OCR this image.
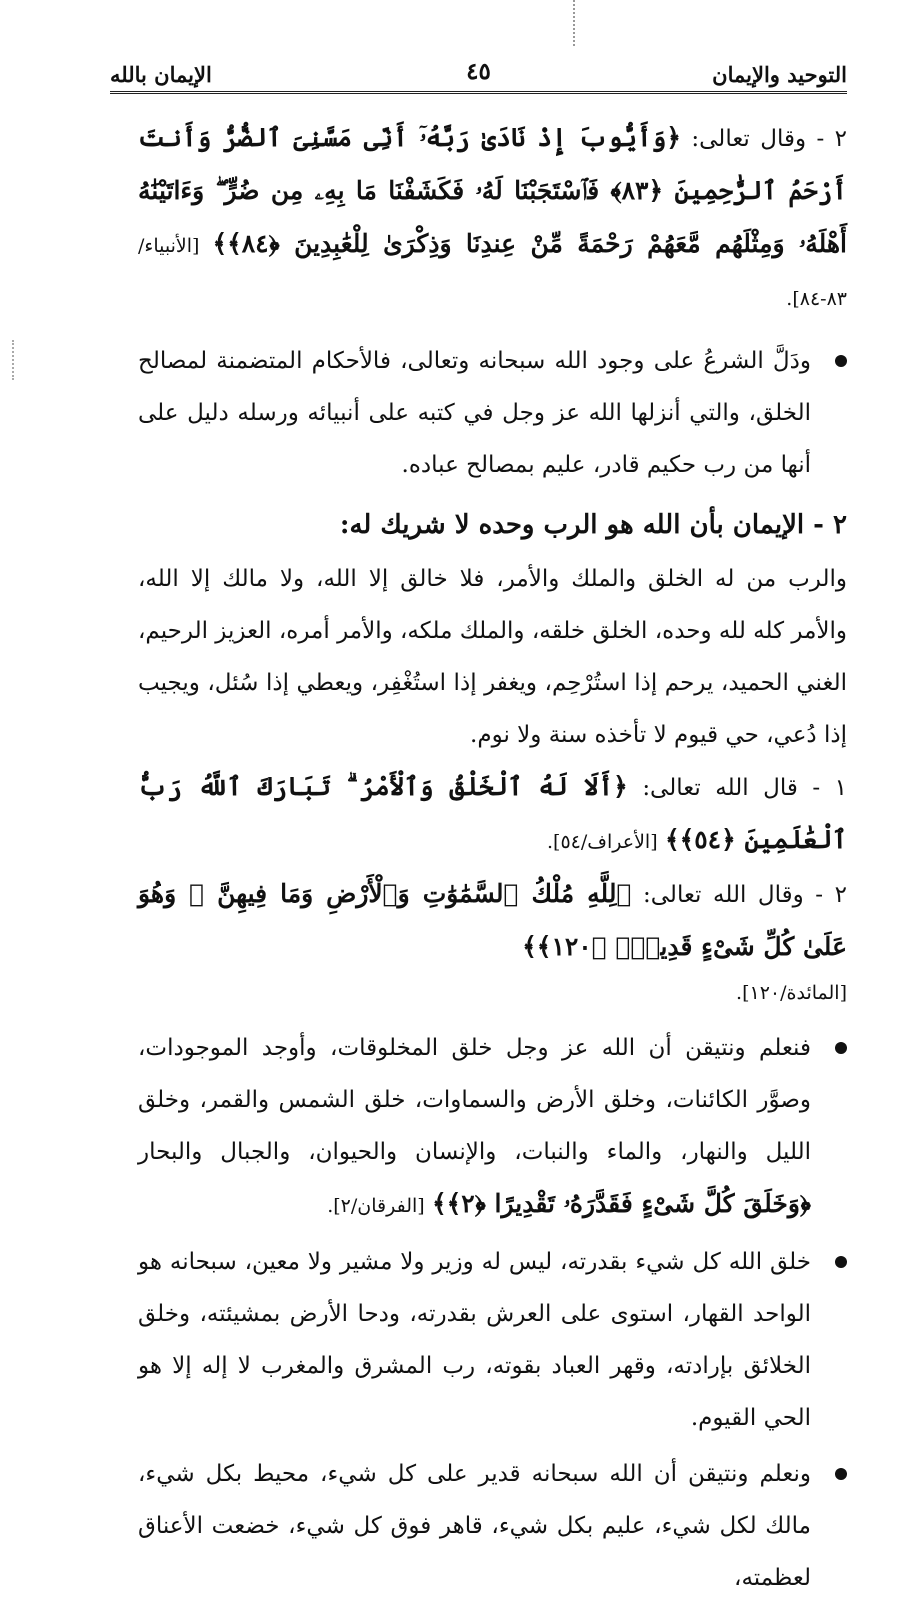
التوحيد والإيمان
٤٥
الإيمان بالله

٢ - وقال تعالى: ﴿وَأَيُّوبَ إِذْ نَادَىٰ رَبَّهُۥٓ أَنِّى مَسَّنِىَ ٱلضُّرُّ وَأَنتَ أَرْحَمُ ٱلرَّٰحِمِينَ ﴿٨٣﴾ فَٱسْتَجَبْنَا لَهُۥ فَكَشَفْنَا مَا بِهِۦ مِن ضُرٍّ ۖ وَءَاتَيْنَٰهُ أَهْلَهُۥ وَمِثْلَهُم مَّعَهُمْ رَحْمَةً مِّنْ عِندِنَا وَذِكْرَىٰ لِلْعَٰبِدِينَ ﴿٨٤﴾﴾ [الأنبياء/٨٣-٨٤].

ودَلَّ الشرعُ على وجود الله سبحانه وتعالى، فالأحكام المتضمنة لمصالح الخلق، والتي أنزلها الله عز وجل في كتبه على أنبيائه ورسله دليل على أنها من رب حكيم قادر، عليم بمصالح عباده.

٢ - الإيمان بأن الله هو الرب وحده لا شريك له:

والرب من له الخلق والملك والأمر، فلا خالق إلا الله، ولا مالك إلا الله، والأمر كله لله وحده، الخلق خلقه، والملك ملكه، والأمر أمره، العزيز الرحيم، الغني الحميد، يرحم إذا استُرْحِم، ويغفر إذا استُغْفِر، ويعطي إذا سُئل، ويجيب إذا دُعي، حي قيوم لا تأخذه سنة ولا نوم.

١ - قال الله تعالى: ﴿أَلَا لَهُ ٱلْخَلْقُ وَٱلْأَمْرُ ۗ تَبَارَكَ ٱللَّهُ رَبُّ ٱلْعَٰلَمِينَ ﴿٥٤﴾﴾ [الأعراف/٥٤].

٢ - وقال الله تعالى: ﴿لِلَّهِ مُلْكُ ٱلسَّمَٰوَٰتِ وَٱلْأَرْضِ وَمَا فِيهِنَّ ۚ وَهُوَ عَلَىٰ كُلِّ شَىْءٍ قَدِيرٌۢ ﴿١٢٠﴾﴾

[المائدة/١٢٠].

فنعلم ونتيقن أن الله عز وجل خلق المخلوقات، وأوجد الموجودات، وصوَّر الكائنات، وخلق الأرض والسماوات، خلق الشمس والقمر، وخلق الليل والنهار، والماء والنبات، والإنسان والحيوان، والجبال والبحار ﴿وَخَلَقَ كُلَّ شَىْءٍ فَقَدَّرَهُۥ تَقْدِيرًا ﴿٢﴾﴾ [الفرقان/٢].

خلق الله كل شيء بقدرته، ليس له وزير ولا مشير ولا معين، سبحانه هو الواحد القهار، استوى على العرش بقدرته، ودحا الأرض بمشيئته، وخلق الخلائق بإرادته، وقهر العباد بقوته، رب المشرق والمغرب لا إله إلا هو الحي القيوم.

ونعلم ونتيقن أن الله سبحانه قدير على كل شيء، محيط بكل شيء، مالك لكل شيء، عليم بكل شيء، قاهر فوق كل شيء، خضعت الأعناق لعظمته،
